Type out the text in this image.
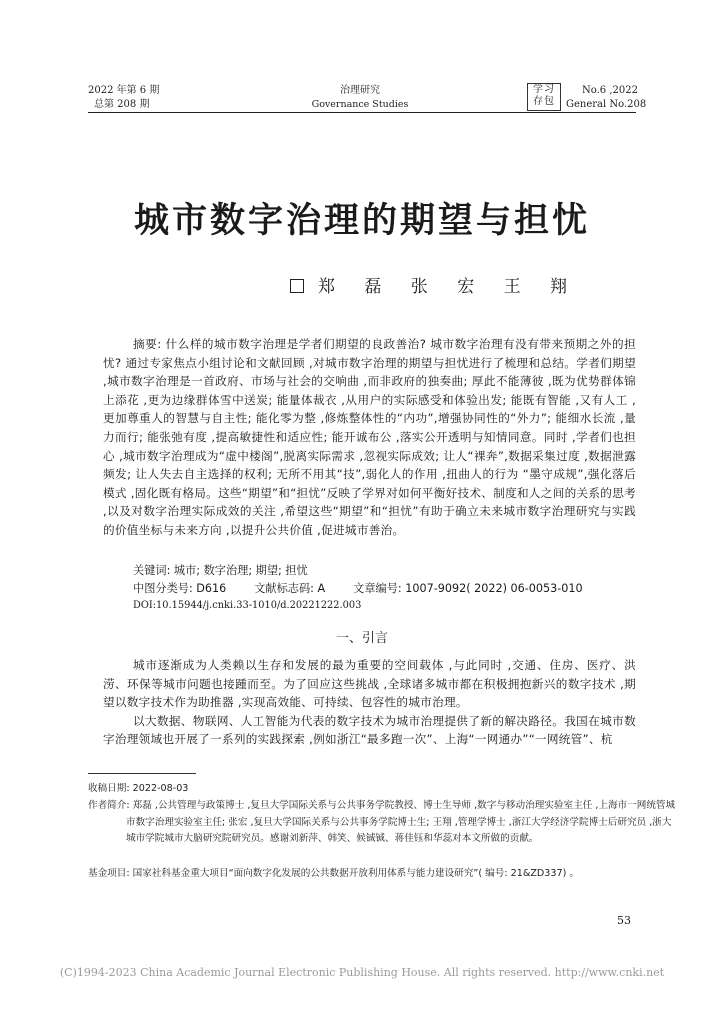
2022 年第 6 期
总第 208 期
治理研究
Governance Studies
学习
存包
No.6 ,2022
General No.208
城市数字治理的期望与担忧
郑 磊 张 宏 王 翔
摘要: 什么样的城市数字治理是学者们期望的良政善治? 城市数字治理有没有带来预期之外的担忧? 通过专家焦点小组讨论和文献回顾 ,对城市数字治理的期望与担忧进行了梳理和总结。学者们期望 ,城市数字治理是一首政府、市场与社会的交响曲 ,而非政府的独奏曲; 厚此不能薄彼 ,既为优势群体锦上添花 ,更为边缘群体雪中送炭; 能量体裁衣 ,从用户的实际感受和体验出发; 能既有智能 ,又有人工 ,更加尊重人的智慧与自主性; 能化零为整 ,修炼整体性的“内功”,增强协同性的“外力”; 能细水长流 ,量力而行; 能张弛有度 ,提高敏捷性和适应性; 能开诚布公 ,落实公开透明与知情同意。同时 ,学者们也担心 ,城市数字治理成为“虚中楼阁”,脱离实际需求 ,忽视实际成效; 让人“裸奔”,数据采集过度 ,数据泄露频发; 让人失去自主选择的权利; 无所不用其“技”,弱化人的作用 ,扭曲人的行为 “墨守成规”,强化落后模式 ,固化既有格局。这些“期望”和“担忧”反映了学界对如何平衡好技术、制度和人之间的关系的思考 ,以及对数字治理实际成效的关注 ,希望这些“期望”和“担忧”有助于确立未来城市数字治理研究与实践的价值坐标与未来方向 ,以提升公共价值 ,促进城市善治。
关键词: 城市; 数字治理; 期望; 担忧
中图分类号: D616	文献标志码: A	文章编号: 1007-9092( 2022) 06-0053-010
DOI:10.15944/j.cnki.33-1010/d.20221222.003
一、引言

城市逐渐成为人类赖以生存和发展的最为重要的空间载体 ,与此同时 ,交通、住房、医疗、洪涝、环保等城市问题也接踵而至。为了回应这些挑战 ,全球诸多城市都在积极拥抱新兴的数字技术 ,期望以数字技术作为助推器 ,实现高效能、可持续、包容性的城市治理。

以大数据、物联网、人工智能为代表的数字技术为城市治理提供了新的解决路径。我国在城市数字治理领域也开展了一系列的实践探索 ,例如浙江“最多跑一次”、上海“一网通办”“一网统管”、杭

收稿日期: 2022-08-03
作者简介: 郑磊 ,公共管理与政策博士 ,复旦大学国际关系与公共事务学院教授、博士生导师 ,数字与移动治理实验室主任 ,上海市一网统管城市数字治理实验室主任; 张宏 ,复旦大学国际关系与公共事务学院博士生; 王翔 ,管理学博士 ,浙江大学经济学院博士后研究员 ,浙大城市学院城市大脑研究院研究员。感谢刘新萍、韩笑、候铖铖、蒋佳钰和华蕊对本文所做的贡献。
基金项目: 国家社科基金重大项目“面向数字化发展的公共数据开放利用体系与能力建设研究”( 编号: 21&ZD337) 。
53
(C)1994-2023 China Academic Journal Electronic Publishing House. All rights reserved. http://www.cnki.net
